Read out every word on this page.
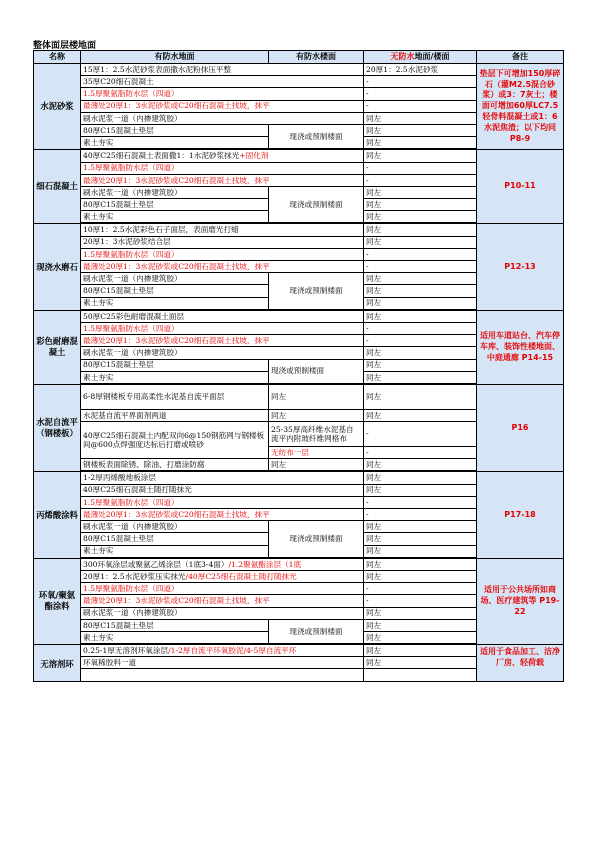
整体面层楼地面
名称	有防水地面	有防水楼面	无防水地面/楼面	备注
水泥砂浆	15厚1：2.5水泥砂浆表面撒水泥粉抹压平整		20厚1：2.5水泥砂浆	垫层下可增加150厚碎石（灌M2.5混合砂浆）或3：7灰土；楼面可增加60厚LC7.5轻骨料混凝土或1：6水泥焦渣；以下均同 P8-9
	35厚C20细石混凝土		-	
	1.5厚聚氨脂防水层（四道）		-	
	最薄处20厚1：3水泥砂浆或C20细石混凝土找坡，抹平		-	
	刷水泥浆一道（内掺建筑胶）		同左	
	80厚C15混凝土垫层	现浇或预制楼面	同左	
	素土夯实		同左	

细石混凝土	40厚C25细石混凝土表面撒1：1水泥砂浆抹光+固化剂		同左	P10-11
	1.5厚聚氨脂防水层（四道）		-	
	最薄处20厚1：3水泥砂浆或C20细石混凝土找坡，抹平		-	
	刷水泥浆一道（内掺建筑胶）	现浇或预制楼面	同左	
	80厚C15混凝土垫层		同左	
	素土夯实		同左	

现浇水磨石	10厚1：2.5水泥彩色石子面层，表面磨光打蜡		同左	P12-13
	20厚1：3水泥砂浆结合层		同左	
	1.5厚聚氨脂防水层（四道）		-	
	最薄处20厚1：3水泥砂浆或C20细石混凝土找坡，抹平		-	
	刷水泥浆一道（内掺建筑胶）	现浇或预制楼面	同左	
	80厚C15混凝土垫层		同左	
	素土夯实		同左	

彩色耐磨混凝土	50厚C25彩色耐磨混凝土面层		同左	适用车道站台、汽车停车库、装饰性楼地面、中庭通廊 P14-15
	1.5厚聚氨脂防水层（四道）		-	
	最薄处20厚1：3水泥砂浆或C20细石混凝土找坡，抹平		-	
	刷水泥浆一道（内掺建筑胶）		同左	
	80厚C15混凝土垫层	现浇或预制楼面	同左	
	素土夯实		同左	

水泥自流平（钢楼板）	6-8厚钢楼板专用高柔性水泥基自流平面层	同左	同左	P16
	水泥基自流平界面剂两道	同左	同左	
	40厚C25细石混凝土内配双向6@150钢筋网与钢楼板间@600点焊强度达标后打磨或喷砂	25-35厚高纤维水泥基自流平内附玻纤维网格布	-	
		无纺布一层	-	
	钢楼板表面除锈、除油、打磨涂防腐	同左	同左	

丙烯酸涂料	1-2厚丙烯酸地板涂层		同左	P17-18
	40厚C25细石混凝土随打随抹光		同左	
	1.5厚聚氨脂防水层（四道）		-	
	最薄处20厚1：3水泥砂浆或C20细石混凝土找坡，抹平		-	
	刷水泥浆一道（内掺建筑胶）	现浇或预制楼面	同左	
	80厚C15混凝土垫层		同左	
	素土夯实		同左	

环氧/聚氨酯涂料	300环氧涂层或聚氨乙烯涂层（1底3-4面）/1.2聚氨酯涂层（1底		同左	适用于公共场所如商场、医疗建筑等 P19-22
	20厚1：2.5水泥砂浆压实抹光/40厚C25细石混凝土随打随抹光		同左	
	1.5厚聚氨脂防水层（四道）		-	
	最薄处20厚1：3水泥砂浆或C20细石混凝土找坡，抹平		-	
	刷水泥浆一道（内掺建筑胶）		同左	
	80厚C15混凝土垫层	现浇或预制楼面	同左	
	素土夯实		同左	

无溶剂环	0.25-1厚无溶剂环氧涂层/1-2厚自流平环氧胶泥/4-5厚自流平环		同左	适用于食品加工、洁净厂房、轻荷载
	环氧稀胶料一道		同左	
